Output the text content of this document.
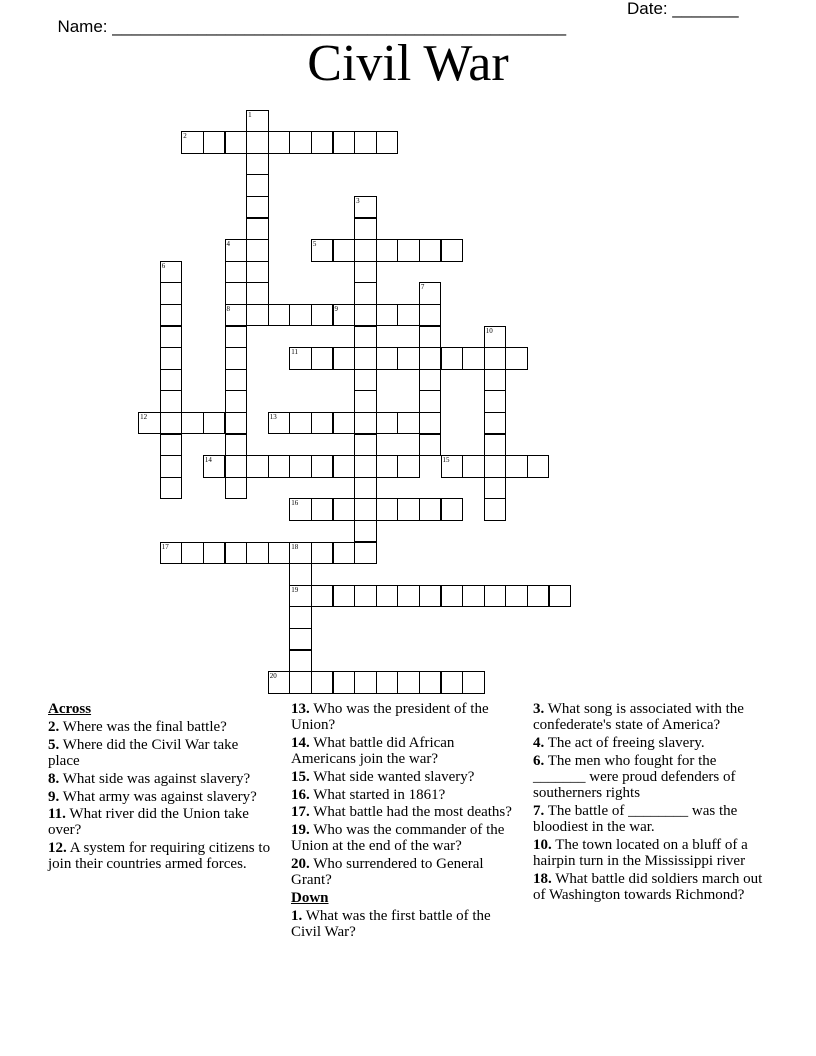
Name: ________________________________________________

Date: _______

Civil War
1
2
3
4	5
6
7
8	9
10
11
12	13
14	15
16
17	18
19
20
Across
2. Where was the final battle?
5. Where did the Civil War take place
8. What side was against slavery?
9. What army was against slavery?
11. What river did the Union take over?
12. A system for requiring citizens to join their countries armed forces.
13. Who was the president of the Union?
14. What battle did African Americans join the war?
15. What side wanted slavery?
16. What started in 1861?
17. What battle had the most deaths?
19. Who was the commander of the Union at the end of the war?
20. Who surrendered to General Grant?
Down
1. What was the first battle of the Civil War?
3. What song is associated with the confederate's state of America?
4. The act of freeing slavery.
6. The men who fought for the _______ were proud defenders of southerners rights
7. The battle of ________ was the bloodiest in the war.
10. The town located on a bluff of a hairpin turn in the Mississippi river
18. What battle did soldiers march out of Washington towards Richmond?
